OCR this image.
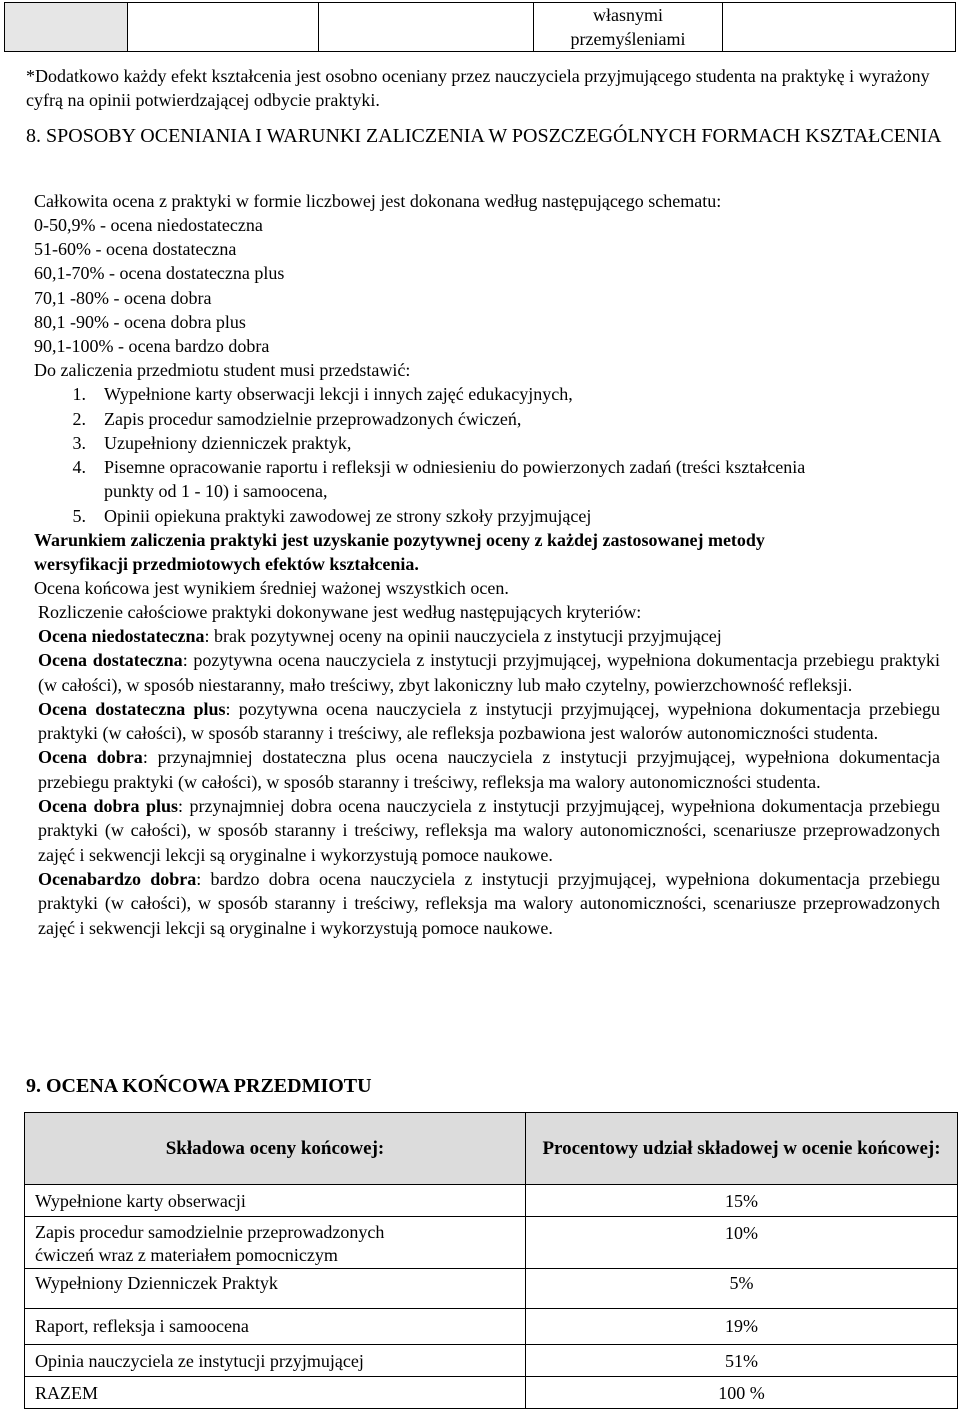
własnymi
przemyśleniami

*Dodatkowo każdy efekt kształcenia jest osobno oceniany przez nauczyciela przyjmującego studenta na praktykę i wyrażony cyfrą na opinii potwierdzającej odbycie praktyki.
8. SPOSOBY OCENIANIA I WARUNKI ZALICZENIA W POSZCZEGÓLNYCH FORMACH KSZTAŁCENIA
Całkowita ocena z praktyki w formie liczbowej jest dokonana według następującego schematu:
0-50,9% - ocena niedostateczna
51-60% - ocena dostateczna
60,1-70% - ocena dostateczna plus
70,1 -80% - ocena dobra
80,1 -90% - ocena dobra plus
90,1-100% - ocena bardzo dobra
Do zaliczenia przedmiotu student musi przedstawić:
1. Wypełnione karty obserwacji lekcji i innych zajęć edukacyjnych,
2. Zapis procedur samodzielnie przeprowadzonych ćwiczeń,
3. Uzupełniony dzienniczek praktyk,
4. Pisemne opracowanie raportu i refleksji w odniesieniu do powierzonych zadań (treści kształcenia
punkty od 1 - 10) i samoocena,
5. Opinii opiekuna praktyki zawodowej ze strony szkoły przyjmującej
Warunkiem zaliczenia praktyki jest uzyskanie pozytywnej oceny z każdej zastosowanej metody
wersyfikacji przedmiotowych efektów kształcenia.
Ocena końcowa jest wynikiem średniej ważonej wszystkich ocen.
Rozliczenie całościowe praktyki dokonywane jest według następujących kryteriów:

Ocena niedostateczna: brak pozytywnej oceny na opinii nauczyciela z instytucji przyjmującej

Ocena dostateczna: pozytywna ocena nauczyciela z instytucji przyjmującej, wypełniona dokumentacja przebiegu praktyki (w całości), w sposób niestaranny, mało treściwy, zbyt lakoniczny lub mało czytelny, powierzchowność refleksji.

Ocena dostateczna plus: pozytywna ocena nauczyciela z instytucji przyjmującej, wypełniona dokumentacja przebiegu praktyki (w całości), w sposób staranny i treściwy, ale refleksja pozbawiona jest walorów autonomiczności studenta.

Ocena dobra: przynajmniej dostateczna plus ocena nauczyciela z instytucji przyjmującej, wypełniona dokumentacja przebiegu praktyki (w całości), w sposób staranny i treściwy, refleksja ma walory autonomiczności studenta.

Ocena dobra plus: przynajmniej dobra ocena nauczyciela z instytucji przyjmującej, wypełniona dokumentacja przebiegu praktyki (w całości), w sposób staranny i treściwy, refleksja ma walory autonomiczności, scenariusze przeprowadzonych zajęć i sekwencji lekcji są oryginalne i wykorzystują pomoce naukowe.

Ocenabardzo dobra: bardzo dobra ocena nauczyciela z instytucji przyjmującej, wypełniona dokumentacja przebiegu praktyki (w całości), w sposób staranny i treściwy, refleksja ma walory autonomiczności, scenariusze przeprowadzonych zajęć i sekwencji lekcji są oryginalne i wykorzystują pomoce naukowe.

9. OCENA KOŃCOWA PRZEDMIOTU
Składowa oceny końcowej:	Procentowy udział składowej w ocenie końcowej:
Wypełnione karty obserwacji	15%

Zapis procedur samodzielnie przeprowadzonych
ćwiczeń wraz z materiałem pomocniczym	10%
Wypełniony Dzienniczek Praktyk	5%
Raport, refleksja i samoocena	19%
Opinia nauczyciela ze instytucji przyjmującej	51%
RAZEM	100 %
